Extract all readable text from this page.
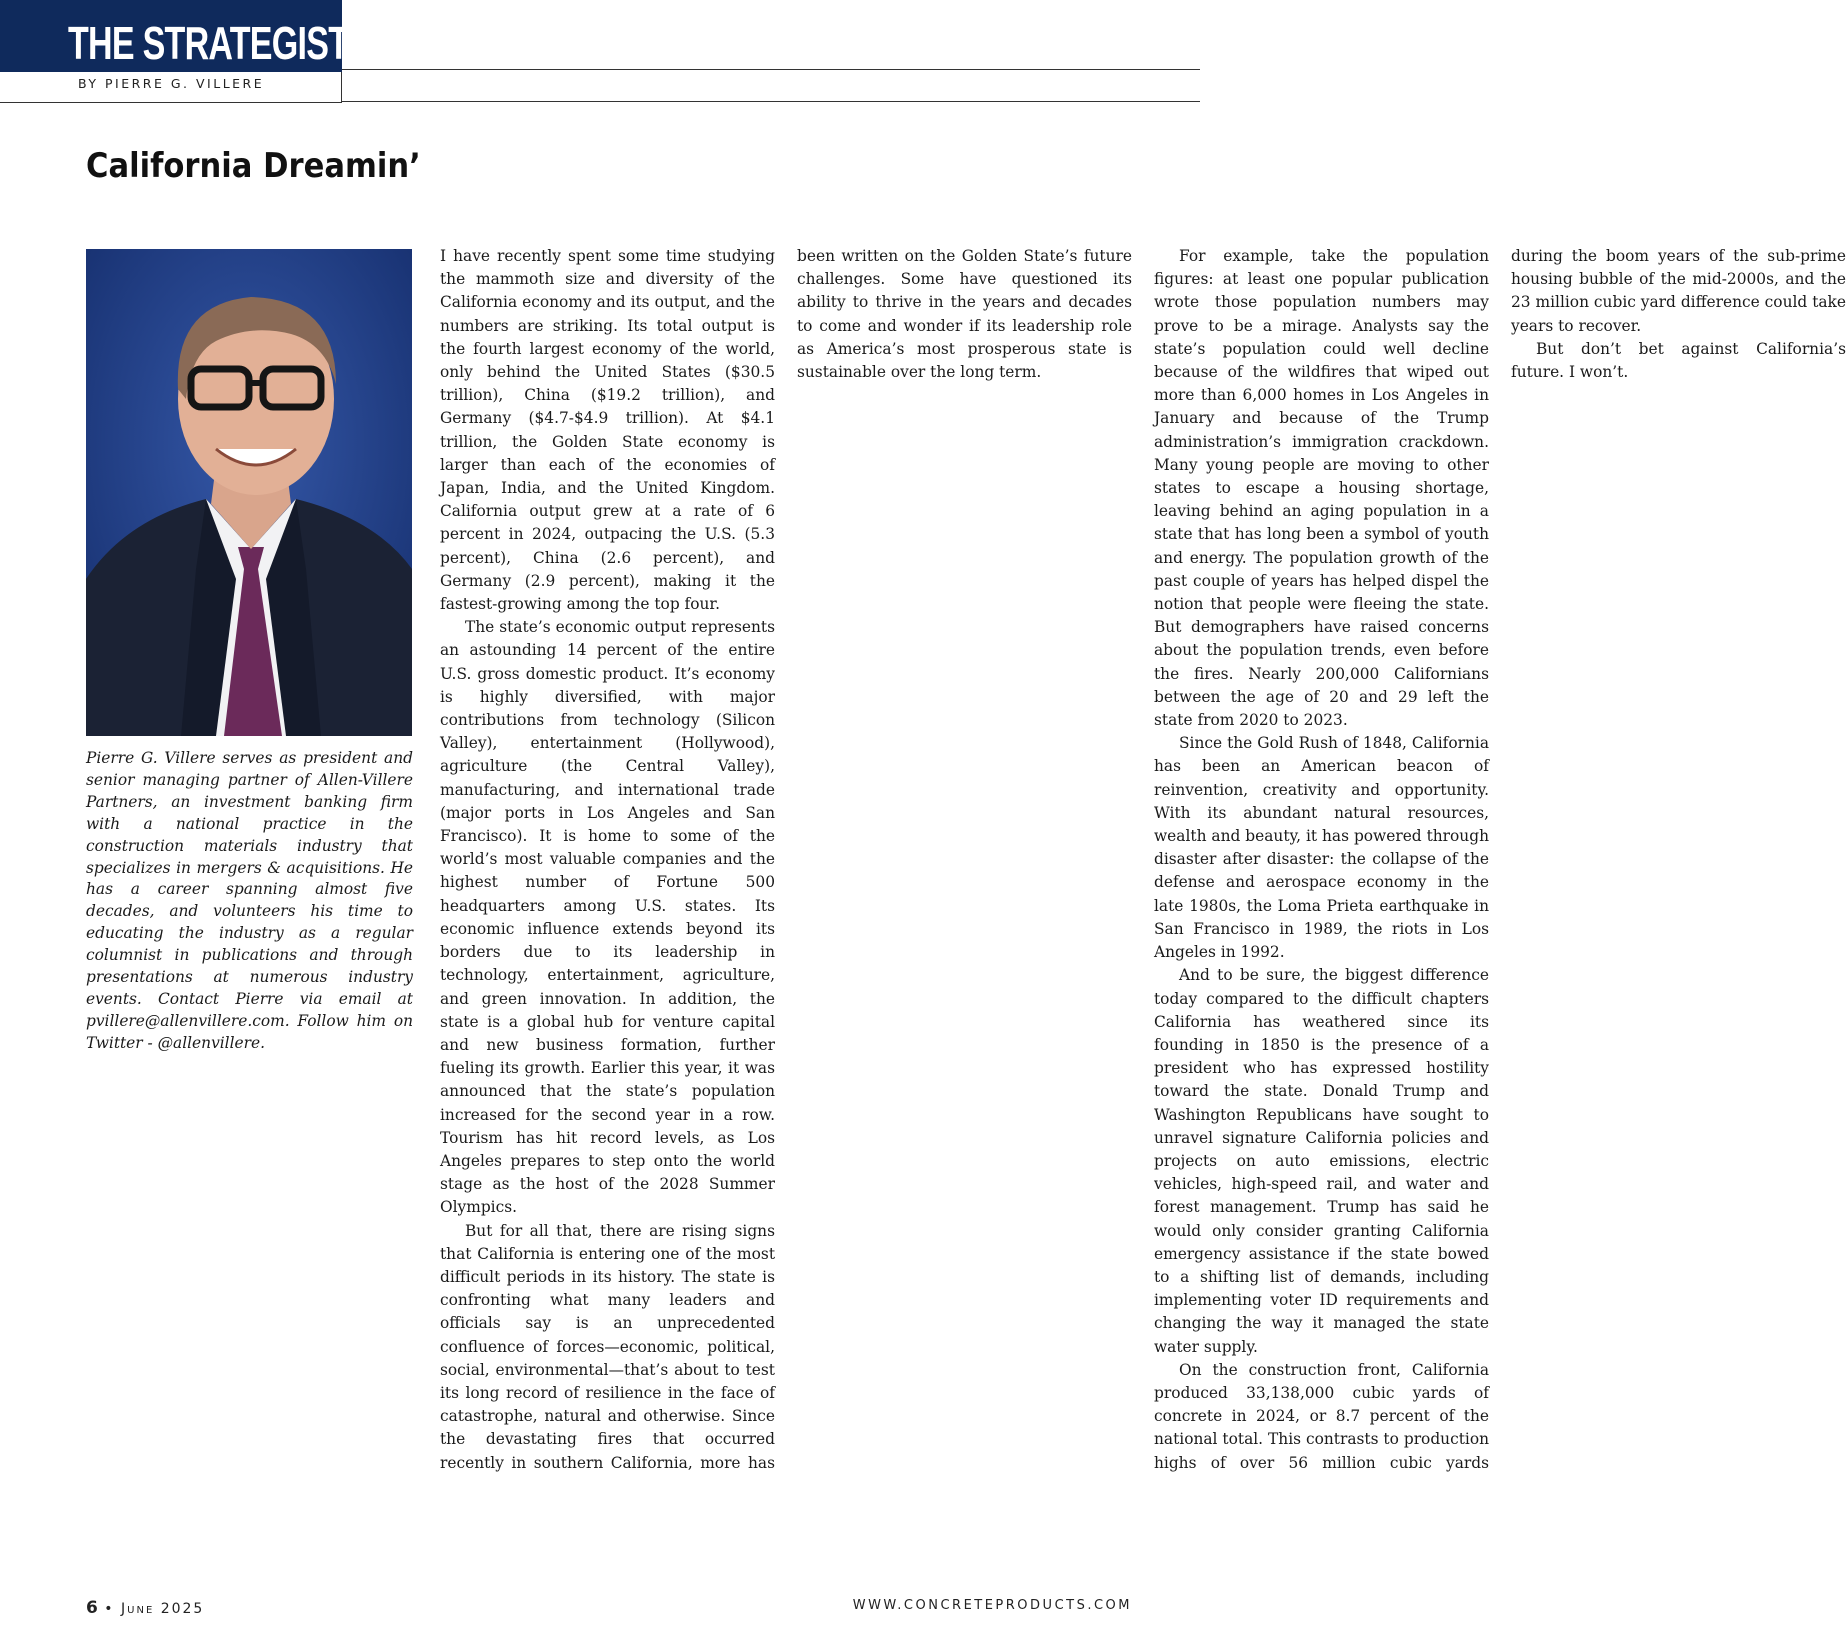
THE STRATEGIST
BY PIERRE G. VILLERE
California Dreamin’

Pierre G. Villere serves as president and senior managing partner of Allen-Villere Partners, an investment banking firm with a national practice in the construction materials industry that specializes in mergers & acquisitions. He has a career spanning almost five decades, and volunteers his time to educating the industry as a regular columnist in publications and through presentations at numerous industry events. Contact Pierre via email at pvillere@allenvillere.com. Follow him on Twitter - @allenvillere.

I have recently spent some time studying the mammoth size and diversity of the California economy and its output, and the numbers are striking. Its total output is the fourth largest economy of the world, only behind the United States ($30.5 trillion), China ($19.2 trillion), and Germany ($4.7-$4.9 trillion). At $4.1 trillion, the Golden State economy is larger than each of the economies of Japan, India, and the United Kingdom. California output grew at a rate of 6 percent in 2024, outpacing the U.S. (5.3 percent), China (2.6 percent), and Germany (2.9 percent), making it the fastest-growing among the top four.

The state’s economic output represents an astounding 14 percent of the entire U.S. gross domestic product. It’s economy is highly diversified, with major contributions from technology (Silicon Valley), entertainment (Hollywood), agriculture (the Central Valley), manufacturing, and international trade (major ports in Los Angeles and San Francisco). It is home to some of the world’s most valuable companies and the highest number of Fortune 500 headquarters among U.S. states. Its economic influence extends beyond its borders due to its leadership in technology, entertainment, agriculture, and green innovation. In addition, the state is a global hub for venture capital and new business formation, further fueling its growth. Earlier this year, it was announced that the state’s population increased for the second year in a row. Tourism has hit record levels, as Los Angeles prepares to step onto the world stage as the host of the 2028 Summer Olympics.

But for all that, there are rising signs that California is entering one of the most difficult periods in its history. The state is confronting what many leaders and officials say is an unprecedented confluence of forces—economic, political, social, environmental—that’s about to test its long record of resilience in the face of catastrophe, natural and otherwise. Since the devastating fires that occurred recently in southern California, more has been written on the Golden State’s future challenges. Some have questioned its ability to thrive in the years and decades to come and wonder if its leadership role as America’s most prosperous state is sustainable over the long term.

For example, take the population figures: at least one popular publication wrote those population numbers may prove to be a mirage. Analysts say the state’s population could well decline because of the wildfires that wiped out more than 6,000 homes in Los Angeles in January and because of the Trump administration’s immigration crackdown. Many young people are moving to other states to escape a housing shortage, leaving behind an aging population in a state that has long been a symbol of youth and energy. The population growth of the past couple of years has helped dispel the notion that people were fleeing the state. But demographers have raised concerns about the population trends, even before the fires. Nearly 200,000 Californians between the age of 20 and 29 left the state from 2020 to 2023.

Since the Gold Rush of 1848, California has been an American beacon of reinvention, creativity and opportunity. With its abundant natural resources, wealth and beauty, it has powered through disaster after disaster: the collapse of the defense and aerospace economy in the late 1980s, the Loma Prieta earthquake in San Francisco in 1989, the riots in Los Angeles in 1992.

And to be sure, the biggest difference today compared to the difficult chapters California has weathered since its founding in 1850 is the presence of a president who has expressed hostility toward the state. Donald Trump and Washington Republicans have sought to unravel signature California policies and projects on auto emissions, electric vehicles, high-speed rail, and water and forest management. Trump has said he would only consider granting California emergency assistance if the state bowed to a shifting list of demands, including implementing voter ID requirements and changing the way it managed the state water supply.

On the construction front, California produced 33,138,000 cubic yards of concrete in 2024, or 8.7 percent of the national total. This contrasts to production highs of over 56 million cubic yards during the boom years of the sub-prime housing bubble of the mid-2000s, and the 23 million cubic yard difference could take years to recover.

But don’t bet against California’s future. I won’t.

6 • June 2025	WWW.CONCRETEPRODUCTS.COM
